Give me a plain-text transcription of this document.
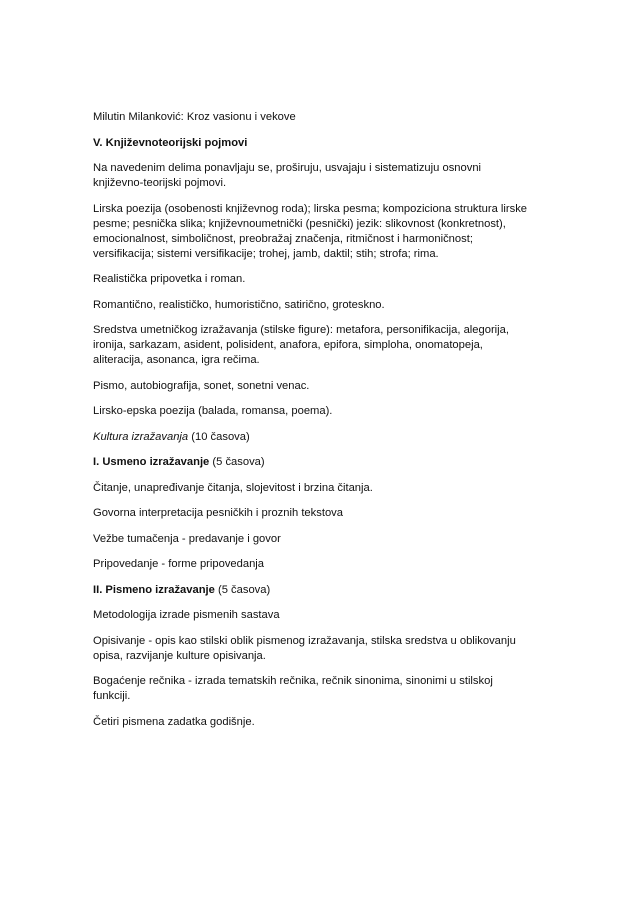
Milutin Milanković: Kroz vasionu i vekove

V. Književnoteorijski pojmovi

Na navedenim delima ponavljaju se, proširuju, usvajaju i sistematizuju osnovni
književno-teorijski pojmovi.

Lirska poezija (osobenosti književnog roda); lirska pesma; kompoziciona struktura lirske
pesme; pesnička slika; književnoumetnički (pesnički) jezik: slikovnost (konkretnost),
emocionalnost, simboličnost, preobražaj značenja, ritmičnost i harmoničnost;
versifikacija; sistemi versifikacije; trohej, jamb, daktil; stih; strofa; rima.

Realistička pripovetka i roman.

Romantično, realističko, humoristično, satirično, groteskno.

Sredstva umetničkog izražavanja (stilske figure): metafora, personifikacija, alegorija,
ironija, sarkazam, asident, polisident, anafora, epifora, simploha, onomatopeja,
aliteracija, asonanca, igra rečima.

Pismo, autobiografija, sonet, sonetni venac.

Lirsko-epska poezija (balada, romansa, poema).

Kultura izražavanja (10 časova)

I. Usmeno izražavanje (5 časova)

Čitanje, unapređivanje čitanja, slojevitost i brzina čitanja.

Govorna interpretacija pesničkih i proznih tekstova

Vežbe tumačenja - predavanje i govor

Pripovedanje - forme pripovedanja

II. Pismeno izražavanje (5 časova)

Metodologija izrade pismenih sastava

Opisivanje - opis kao stilski oblik pismenog izražavanja, stilska sredstva u oblikovanju
opisa, razvijanje kulture opisivanja.

Bogaćenje rečnika - izrada tematskih rečnika, rečnik sinonima, sinonimi u stilskoj
funkciji.

Četiri pismena zadatka godišnje.
